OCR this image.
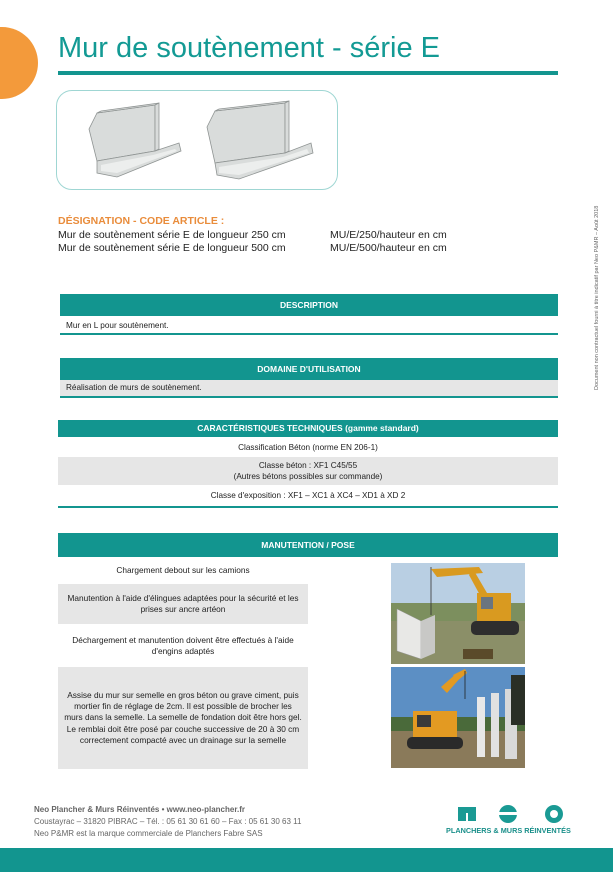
Mur de soutènement - série E
DÉSIGNATION - CODE ARTICLE :
Mur de soutènement série E de longueur 250 cm	MU/E/250/hauteur en cm
Mur de soutènement série E de longueur 500 cm	MU/E/500/hauteur en cm
DESCRIPTION
Mur en L pour soutènement.
DOMAINE D'UTILISATION
Réalisation de murs de soutènement.
CARACTÉRISTIQUES TECHNIQUES (gamme standard)
Classification Béton (norme EN 206-1)
Classe béton : XF1 C45/55
(Autres bétons possibles sur commande)
Classe d'exposition : XF1 – XC1 à XC4 – XD1 à XD 2
MANUTENTION / POSE
Chargement debout sur les camions
Manutention à l'aide d'élingues adaptées pour la sécurité et les prises sur ancre artéon
Déchargement et manutention doivent être effectués à l'aide d'engins adaptés
Assise du mur sur semelle en gros béton ou grave ciment, puis mortier fin de réglage de 2cm. Il est possible de brocher les murs dans la semelle. La semelle de fondation doit être hors gel. Le remblai doit être posé par couche successive de 20 à 30 cm correctement compacté avec un drainage sur la semelle
Document non contractuel fourni à titre indicatif par Neo P&MR – Août 2018
Neo Plancher & Murs Réinventés • www.neo-plancher.fr
Coustayrac – 31820 PIBRAC – Tél. : 05 61 30 61 60 – Fax : 05 61 30 63 11
Neo P&MR est la marque commerciale de Planchers Fabre SAS	PLANCHERS & MURS RÉINVENTÉS
